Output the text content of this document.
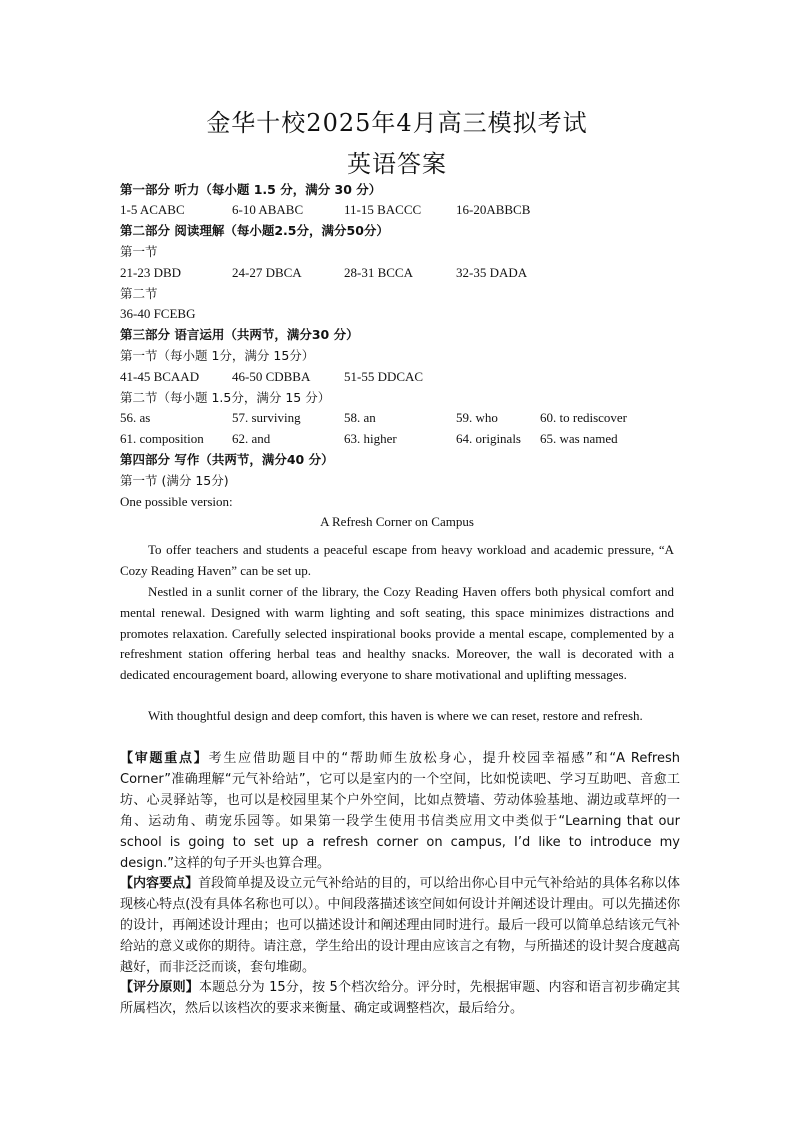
金华十校2025年4月高三模拟考试
英语答案
第一部分 听力（每小题 1.5 分，满分 30 分）
1-5 ACABC	6-10 ABABC	11-15 BACCC	16-20ABBCB
第二部分 阅读理解（每小题2.5分，满分50分）
第一节
21-23 DBD	24-27 DBCA	28-31 BCCA	32-35 DADA
第二节
36-40 FCEBG
第三部分 语言运用（共两节，满分30 分）
第一节（每小题 1分，满分 15分）
41-45 BCAAD	46-50 CDBBA	51-55 DDCAC
第二节（每小题 1.5分，满分 15 分）
56. as	57. surviving	58. an	59. who	60. to rediscover
61. composition 62. and	63. higher	64. originals 65. was named
第四部分 写作（共两节，满分40 分）
第一节 (满分 15分)
One possible version:
A Refresh Corner on Campus

To offer teachers and students a peaceful escape from heavy workload and academic pressure, “A Cozy Reading Haven” can be set up.

Nestled in a sunlit corner of the library, the Cozy Reading Haven offers both physical comfort and mental renewal. Designed with warm lighting and soft seating, this space minimizes distractions and promotes relaxation. Carefully selected inspirational books provide a mental escape, complemented by a refreshment station offering herbal teas and healthy snacks. Moreover, the wall is decorated with a dedicated encouragement board, allowing everyone to share motivational and uplifting messages.

With thoughtful design and deep comfort, this haven is where we can reset, restore and refresh.

【审题重点】考生应借助题目中的“帮助师生放松身心，提升校园幸福感”和“A Refresh Corner”准确理解“元气补给站”，它可以是室内的一个空间，比如悦读吧、学习互助吧、音愈工坊、心灵驿站等，也可以是校园里某个户外空间，比如点赞墙、劳动体验基地、湖边或草坪的一角、运动角、萌宠乐园等。如果第一段学生使用书信类应用文中类似于“Learning that our school is going to set up a refresh corner on campus, I’d like to introduce my design.”这样的句子开头也算合理。

【内容要点】首段简单提及设立元气补给站的目的，可以给出你心目中元气补给站的具体名称以体现核心特点(没有具体名称也可以）。中间段落描述该空间如何设计并阐述设计理由。可以先描述你的设计，再阐述设计理由；也可以描述设计和阐述理由同时进行。最后一段可以简单总结该元气补给站的意义或你的期待。请注意，学生给出的设计理由应该言之有物，与所描述的设计契合度越高越好，而非泛泛而谈，套句堆砌。

【评分原则】本题总分为 15分，按 5个档次给分。评分时，先根据审题、内容和语言初步确定其所属档次，然后以该档次的要求来衡量、确定或调整档次，最后给分。
